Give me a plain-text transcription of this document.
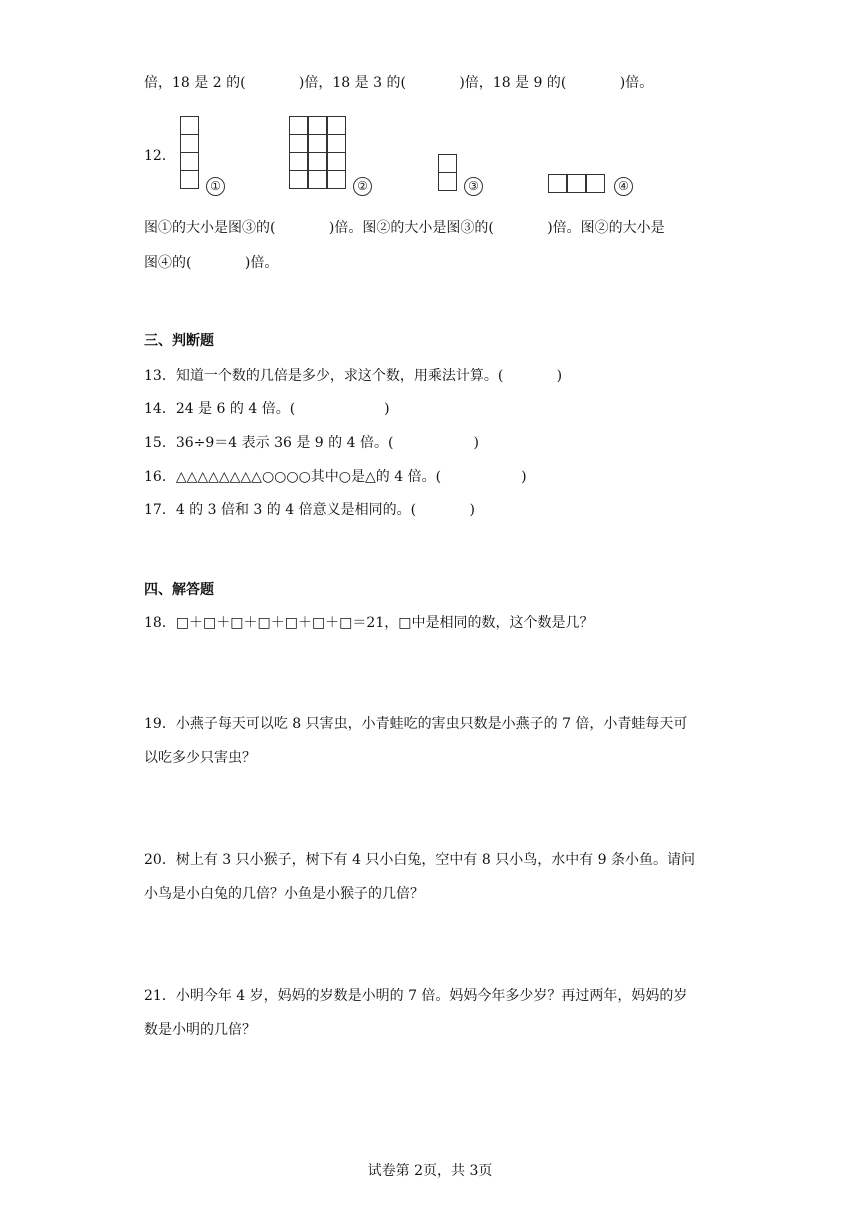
倍，18 是 2 的(            )倍，18 是 3 的(            )倍，18 是 9 的(            )倍。
12．
①	②	③	④
图①的大小是图③的(            )倍。图②的大小是图③的(            )倍。图②的大小是
图④的(            )倍。
三、判断题
13．知道一个数的几倍是多少，求这个数，用乘法计算。(            )
14．24 是 6 的 4 倍。(                    )
15．36÷9＝4 表示 36 是 9 的 4 倍。(                  )
16．△△△△△△△△○○○○其中○是△的 4 倍。(                  )
17．4 的 3 倍和 3 的 4 倍意义是相同的。(            )
四、解答题
18．□＋□＋□＋□＋□＋□＋□＝21，□中是相同的数，这个数是几？
19．小燕子每天可以吃 8 只害虫，小青蛙吃的害虫只数是小燕子的 7 倍，小青蛙每天可
以吃多少只害虫？
20．树上有 3 只小猴子，树下有 4 只小白兔，空中有 8 只小鸟，水中有 9 条小鱼。请问
小鸟是小白兔的几倍？小鱼是小猴子的几倍？
21．小明今年 4 岁，妈妈的岁数是小明的 7 倍。妈妈今年多少岁？再过两年，妈妈的岁
数是小明的几倍？
试卷第 2页，共 3页
